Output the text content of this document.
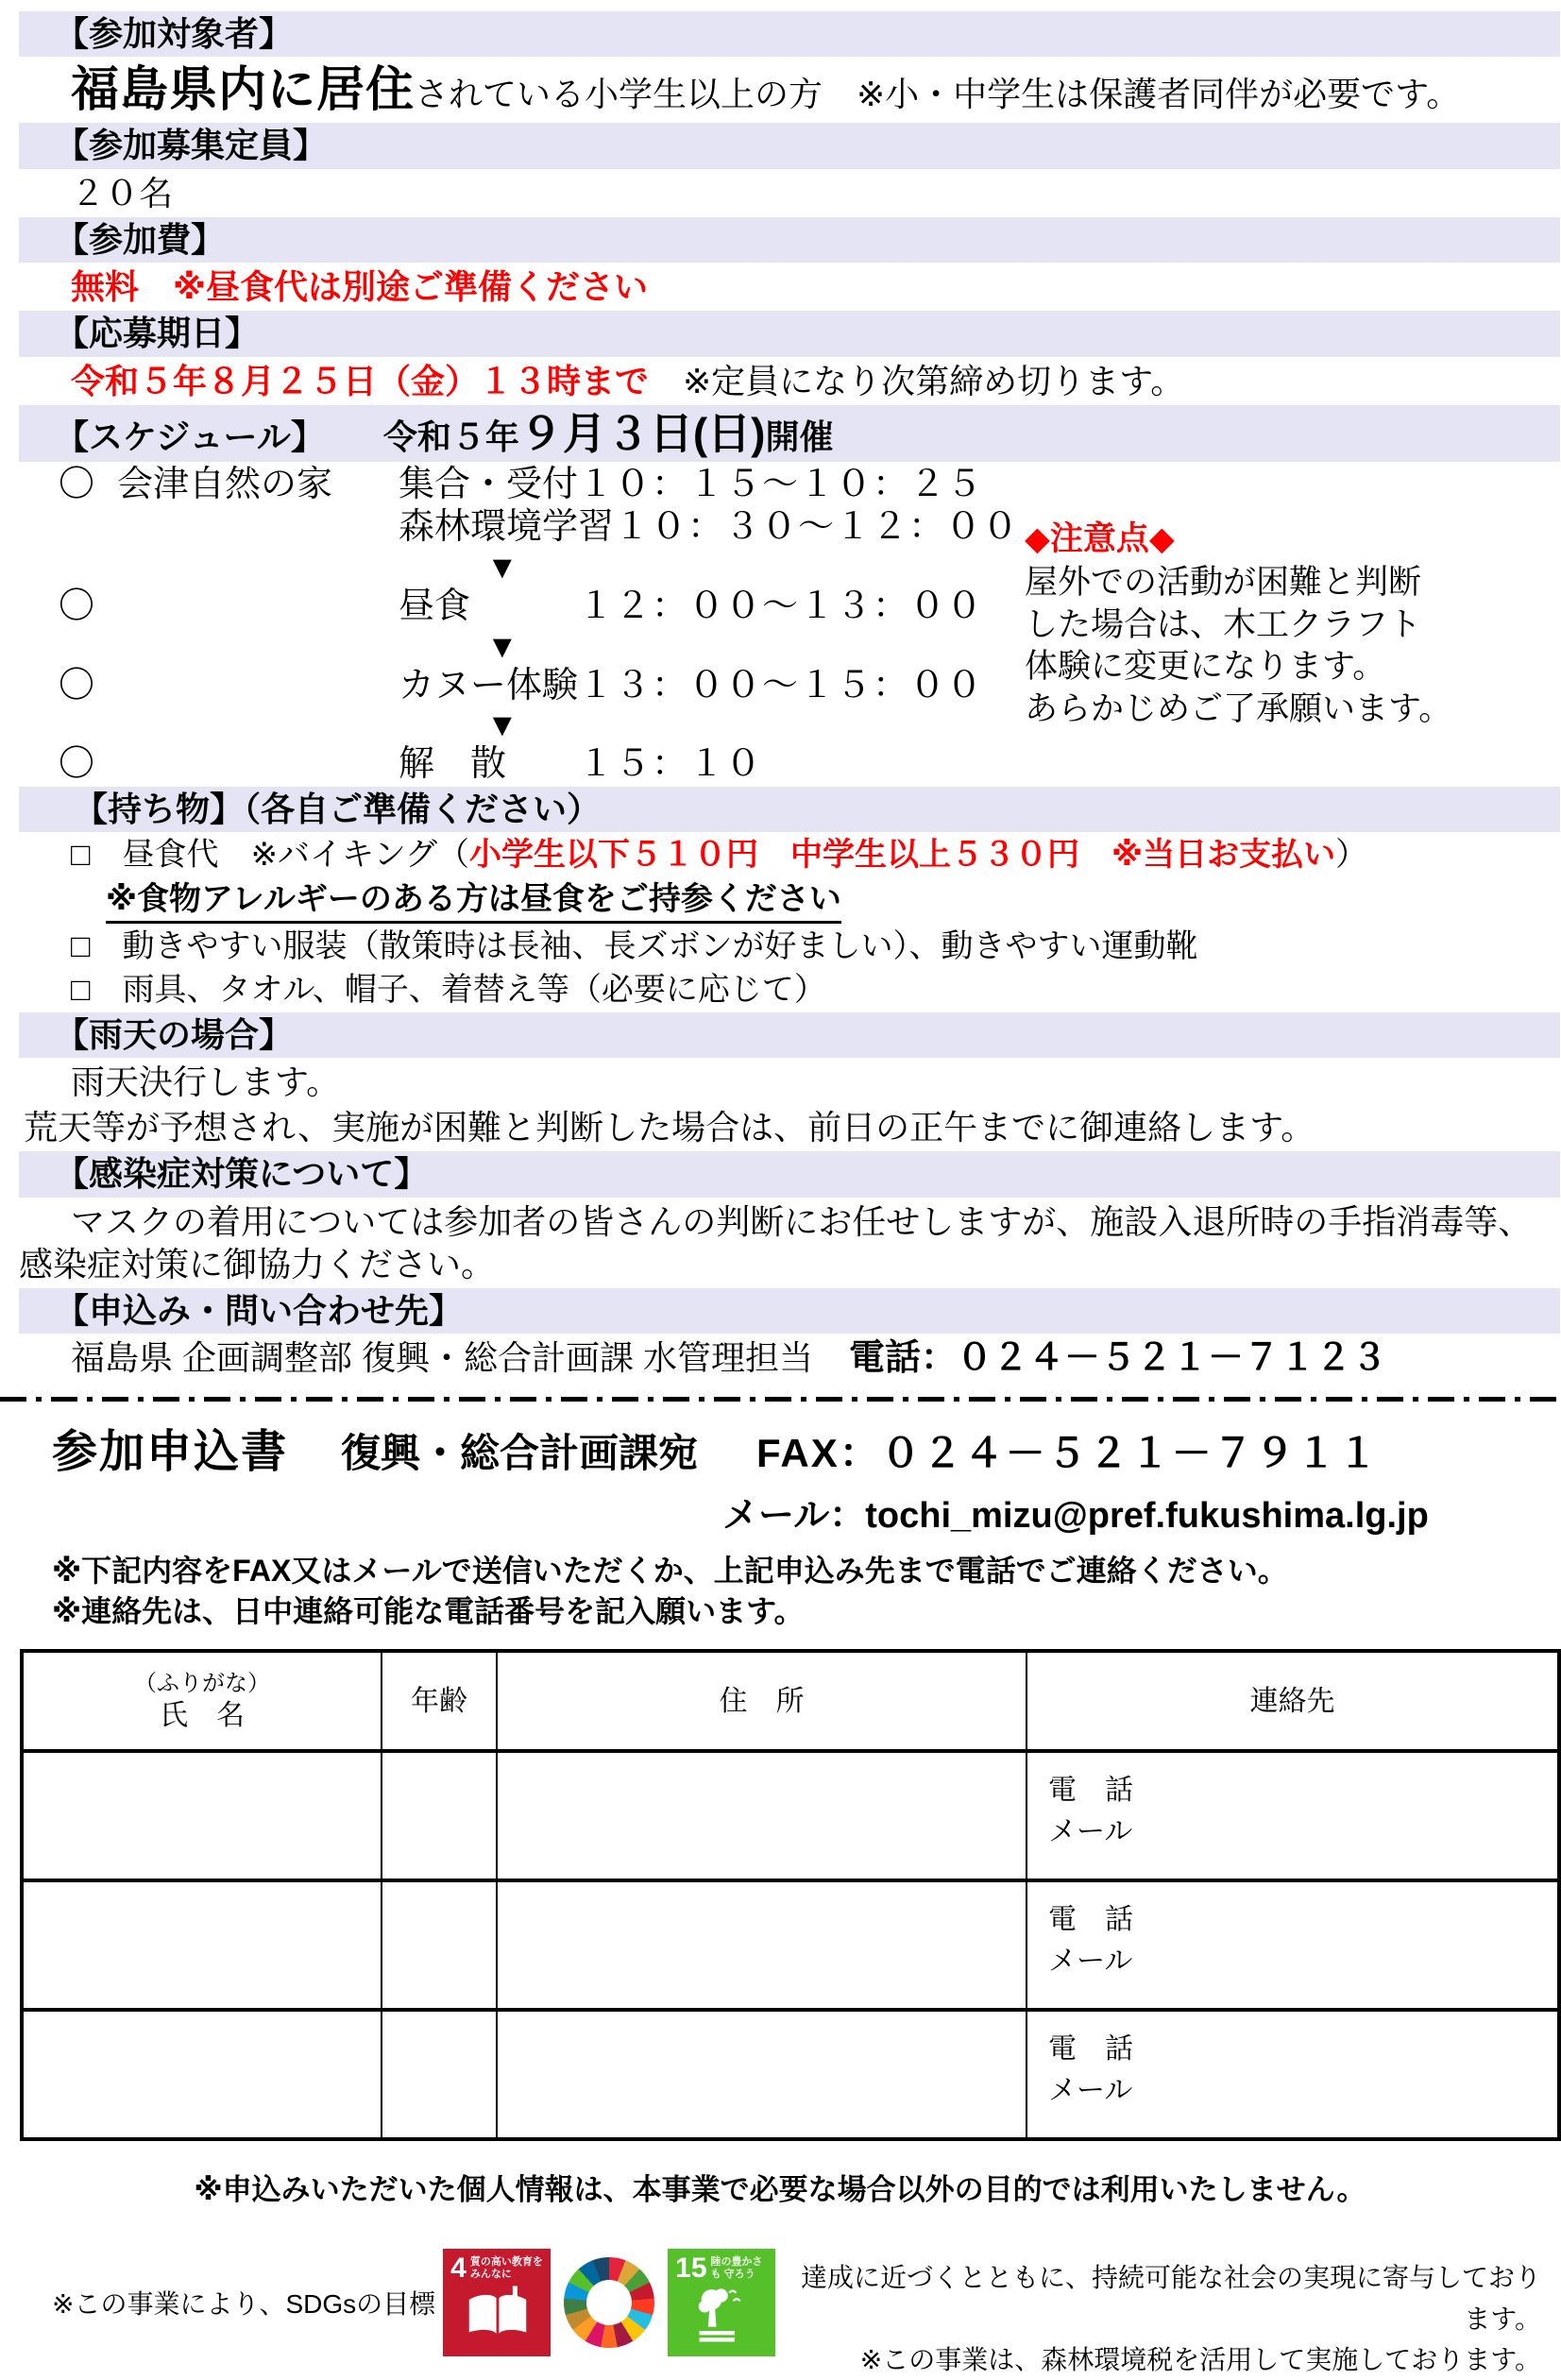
【参加対象者】
福島県内に居住されている小学生以上の方　※小・中学生は保護者同伴が必要です。
【参加募集定員】
２０名
【参加費】
無料　※昼食代は別途ご準備ください
【応募期日】
令和５年８月２５日（金）１３時まで　※定員になり次第締め切ります。
【スケジュール】 令和５年９月３日(日)開催
〇 会津自然の家	集合・受付 １０：１５～１０：２５
森林環境学習 １０：３０～１２：００
▼
〇	昼食	１２：００～１３：００
▼
〇	カヌー体験 １３：００～１５：００
▼
〇	解　散	１５：１０
◆注意点◆
屋外での活動が困難と判断
した場合は、木工クラフト
体験に変更になります。
あらかじめご了承願います。
【持ち物】（各自ご準備ください）
□　昼食代　※バイキング（小学生以下５１０円　中学生以上５３０円　※当日お支払い）
※食物アレルギーのある方は昼食をご持参ください
□　動きやすい服装（散策時は長袖、長ズボンが好ましい）、動きやすい運動靴
□　雨具、タオル、帽子、着替え等（必要に応じて）
【雨天の場合】
雨天決行します。
荒天等が予想され、実施が困難と判断した場合は、前日の正午までに御連絡します。
【感染症対策について】
マスクの着用については参加者の皆さんの判断にお任せしますが、施設入退所時の手指消毒等、感染症対策に御協力ください。
【申込み・問い合わせ先】
福島県 企画調整部 復興・総合計画課 水管理担当　電話：０２４－５２１－７１２３
参加申込書 復興・総合計画課宛 FAX：０２４－５２１－７９１１
メール：tochi_mizu@pref.fukushima.lg.jp
※下記内容をFAX又はメールで送信いただくか、上記申込み先まで電話でご連絡ください。
※連絡先は、日中連絡可能な電話番号を記入願います。
（ふりがな）
氏　名	年齢	住　所	連絡先

			電　話
メール

			電　話
メール

			電　話
メール
※申込みいただいた個人情報は、本事業で必要な場合以外の目的では利用いたしません。
※この事業により、SDGsの目標
4 質の高い教育を みんなに	15 陸の豊かさも 守ろう	達成に近づくとともに、持続可能な社会の実現に寄与しております。
※この事業は、森林環境税を活用して実施しております。
